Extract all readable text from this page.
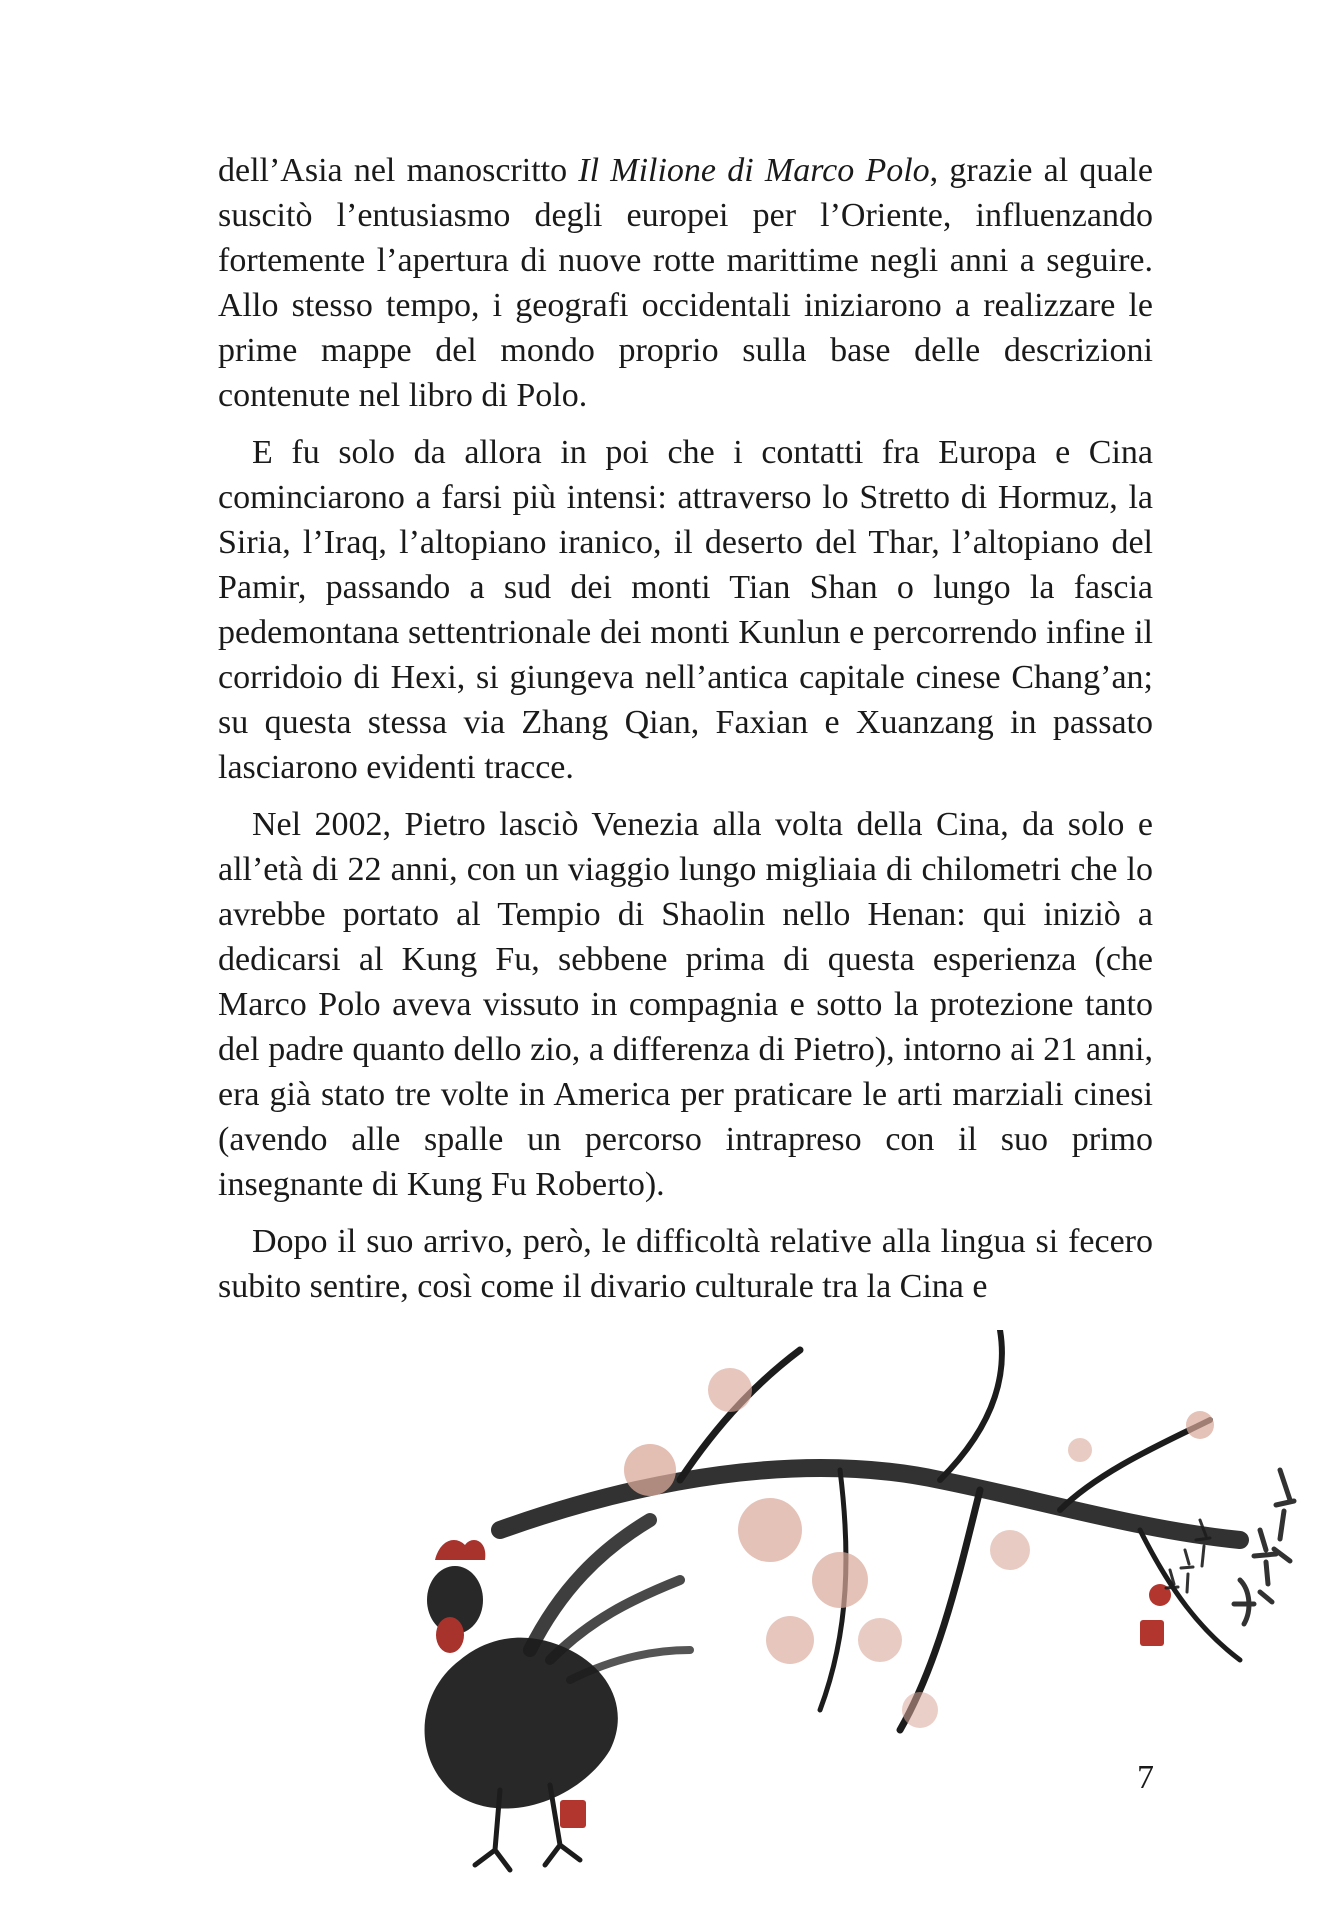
dell’Asia nel manoscritto Il Milione di Marco Polo, grazie al quale suscitò l’entusiasmo degli europei per l’Oriente, influenzando fortemente l’apertura di nuove rotte marittime negli anni a seguire. Allo stesso tempo, i geografi occidentali iniziarono a realizzare le prime mappe del mondo proprio sulla base delle descrizioni contenute nel libro di Polo.

E fu solo da allora in poi che i contatti fra Europa e Cina cominciarono a farsi più intensi: attraverso lo Stretto di Hormuz, la Siria, l’Iraq, l’altopiano iranico, il deserto del Thar, l’altopiano del Pamir, passando a sud dei monti Tian Shan o lungo la fascia pedemontana settentrionale dei monti Kunlun e percorrendo infine il corridoio di Hexi, si giungeva nell’antica capitale cinese Chang’an; su questa stessa via Zhang Qian, Faxian e Xuanzang in passato lasciarono evidenti tracce.

Nel 2002, Pietro lasciò Venezia alla volta della Cina, da solo e all’età di 22 anni, con un viaggio lungo migliaia di chilometri che lo avrebbe portato al Tempio di Shaolin nello Henan: qui iniziò a dedicarsi al Kung Fu, sebbene prima di questa esperienza (che Marco Polo aveva vissuto in compagnia e sotto la protezione tanto del padre quanto dello zio, a differenza di Pietro), intorno ai 21 anni, era già stato tre volte in America per praticare le arti marziali cinesi (avendo alle spalle un percorso intrapreso con il suo primo insegnante di Kung Fu Roberto).

Dopo il suo arrivo, però, le difficoltà relative alla lingua si fecero subito sentire, così come il divario culturale tra la Cina e

7
